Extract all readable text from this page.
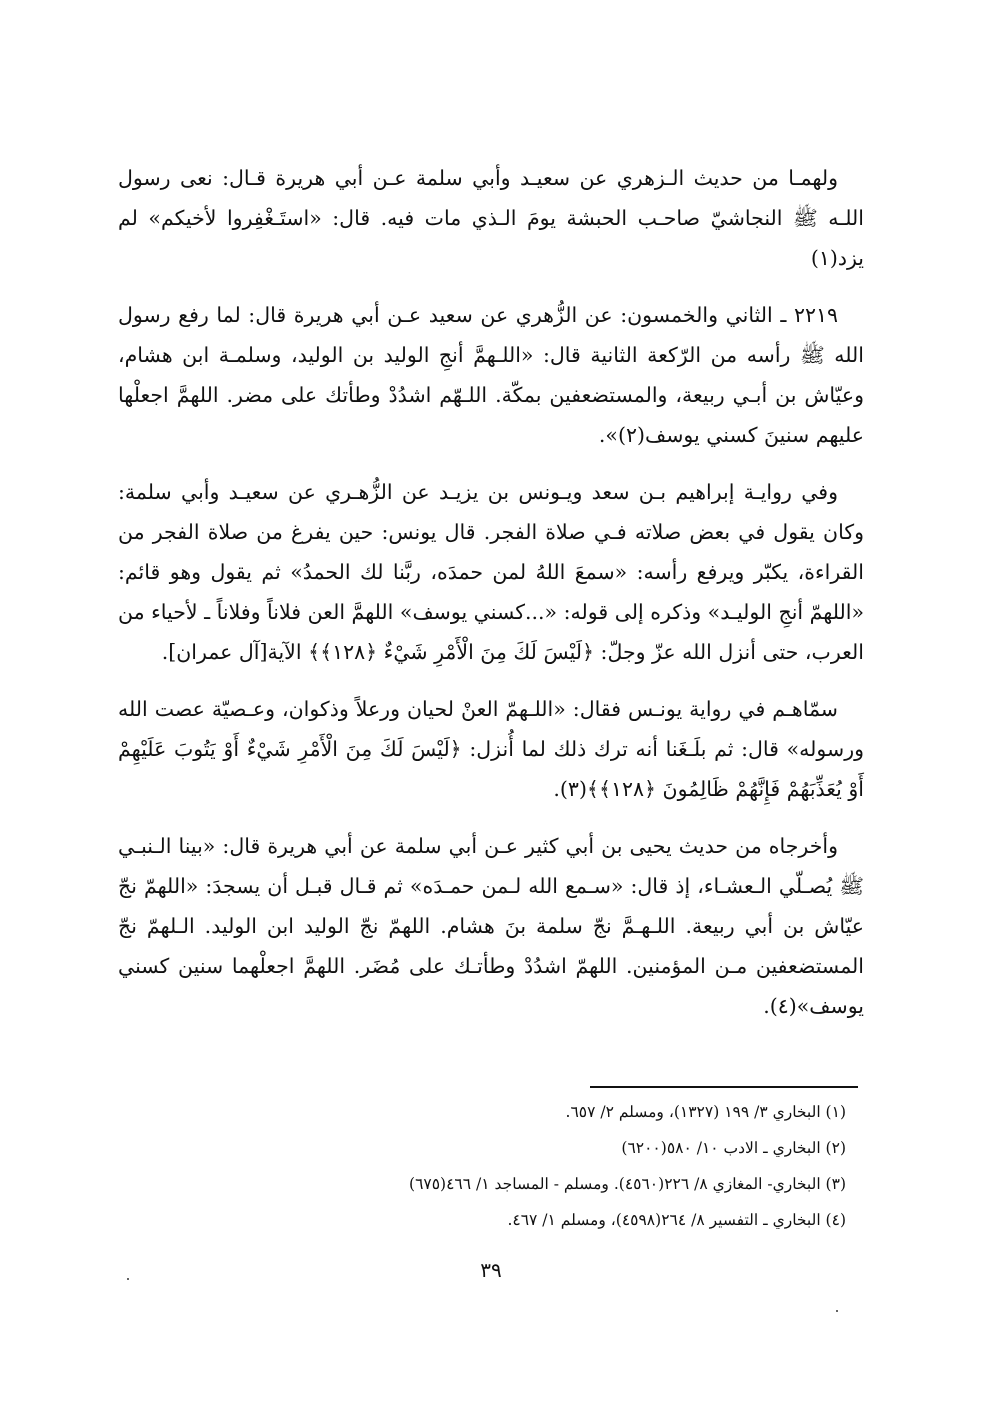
ولهمـا من حديث الـزهري عن سعيـد وأبي سلمة عـن أبي هريرة قـال: نعى رسول اللـه ﷺ النجاشيّ صاحـب الحبشة يومَ الـذي مات فيه. قال: «استَـغْفِروا لأخيكم» لم يزد(١)

٢٢١٩ ـ الثاني والخمسون: عن الزُّهري عن سعيد عـن أبي هريرة قال: لما رفع رسول الله ﷺ رأسه من الرّكعة الثانية قال: «اللـهمَّ أنجِ الوليد بن الوليد، وسلمـة ابن هشام، وعيّاش بن أبـي ربيعة، والمستضعفين بمكّة. اللـهّم اشدُدْ وطأتك على مضر. اللهمَّ اجعلْها عليهم سنينَ كسني يوسف(٢)».

وفي روايـة إبراهيم بـن سعد ويـونس بن يزيـد عن الزُّهـري عن سعيـد وأبي سلمة: وكان يقول في بعض صلاته فـي صلاة الفجر. قال يونس: حين يفرغ من صلاة الفجر من القراءة، يكبّر ويرفع رأسه: «سمعَ اللهُ لمن حمدَه، ربَّنا لك الحمدُ» ثم يقول وهو قائم: «اللهمّ أنجِ الوليـد» وذكره إلى قوله: «...كسني يوسف» اللهمَّ العن فلاناً وفلاناً ـ لأحياء من العرب، حتى أنزل الله عزّ وجلّ: ﴿لَيْسَ لَكَ مِنَ الْأَمْرِ شَيْءٌ ﴿١٢٨﴾﴾ الآية[آل عمران].

سمّاهـم في رواية يونـس فقال: «اللـهمّ العنْ لحيان ورعلاً وذكوان، وعـصيّة عصت الله ورسوله» قال: ثم بلَـغَنا أنه ترك ذلك لما أُنزل: ﴿لَيْسَ لَكَ مِنَ الْأَمْرِ شَيْءٌ أَوْ يَتُوبَ عَلَيْهِمْ أَوْ يُعَذِّبَهُمْ فَإِنَّهُمْ ظَالِمُونَ ﴿١٢٨﴾﴾(٣).

وأخرجاه من حديث يحيى بن أبي كثير عـن أبي سلمة عن أبي هريرة قال: «بينا الـنبـي ﷺ يُصـلّي الـعشـاء، إذ قال: «سـمع الله لـمن حمـدَه» ثم قـال قبـل أن يسجدَ: «اللهمّ نجّ عيّاش بن أبي ربيعة. اللـهـمَّ نجّ سلمة بنَ هشام. اللهمّ نجّ الوليد ابن الوليد. الـلهمّ نجّ المستضعفين مـن المؤمنين. اللهمّ اشدُدْ وطأتـك على مُضَر. اللهمَّ اجعلْهما سنين كسني يوسف»(٤).

(١) البخاري ٣/ ١٩٩ (١٣٢٧)، ومسلم ٢/ ٦٥٧.

(٢) البخاري ـ الادب ١٠/ ٥٨٠(٦٢٠٠)

(٣) البخاري- المغازي ٨/ ٢٢٦(٤٥٦٠). ومسلم - المساجد ١/ ٤٦٦(٦٧٥)

(٤) البخاري ـ التفسير ٨/ ٢٦٤(٤٥٩٨)، ومسلم ١/ ٤٦٧.

٣٩
